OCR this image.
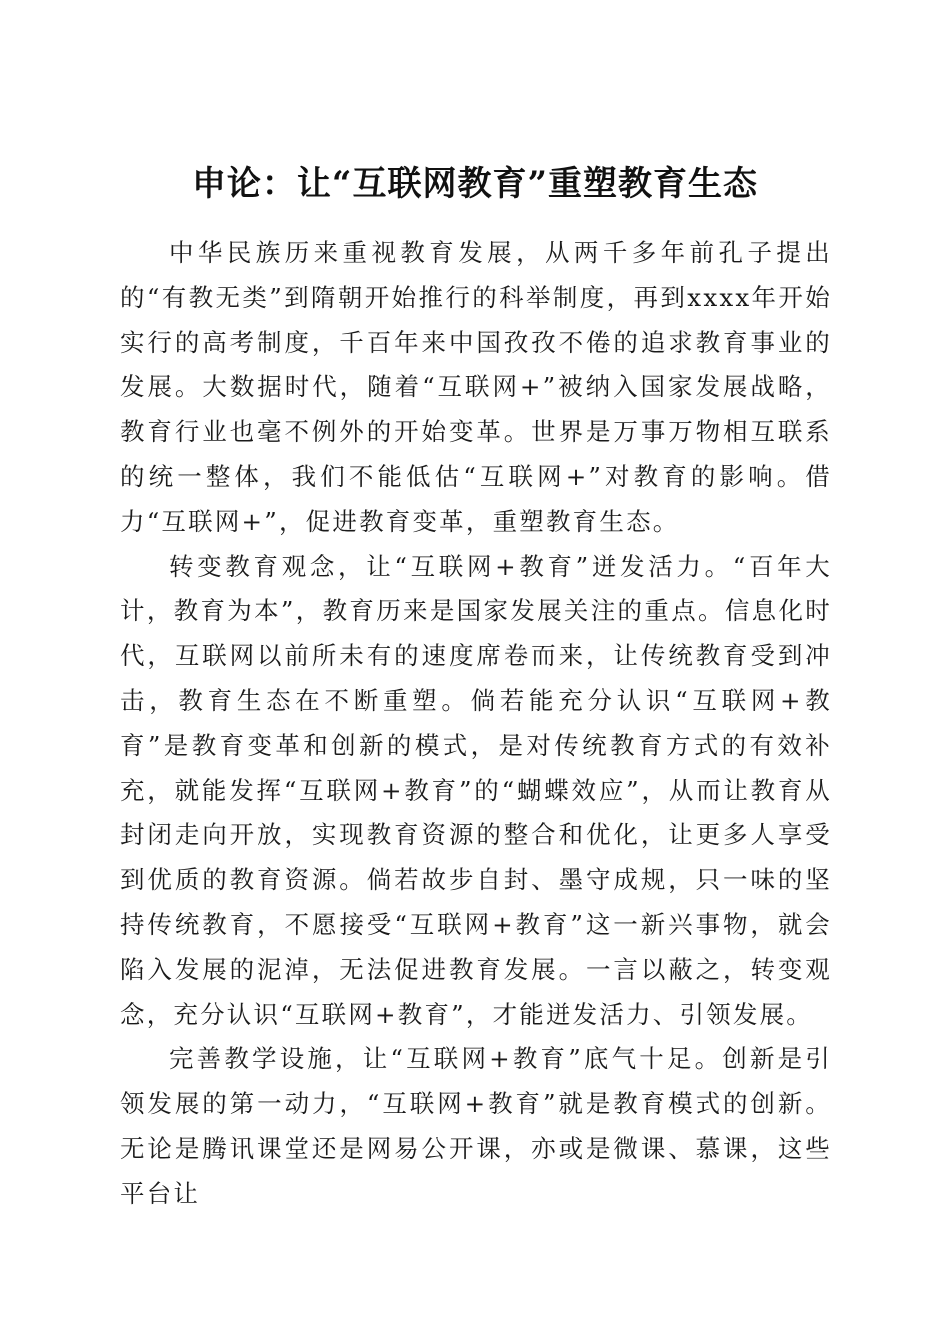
申论：让“互联网教育”重塑教育生态

中华民族历来重视教育发展，从两千多年前孔子提出的“有教无类”到隋朝开始推行的科举制度，再到xxxx年开始实行的高考制度，千百年来中国孜孜不倦的追求教育事业的发展。大数据时代，随着“互联网+”被纳入国家发展战略，教育行业也毫不例外的开始变革。世界是万事万物相互联系的统一整体，我们不能低估“互联网+”对教育的影响。借力“互联网+”，促进教育变革，重塑教育生态。

转变教育观念，让“互联网+教育”迸发活力。“百年大计，教育为本”，教育历来是国家发展关注的重点。信息化时代，互联网以前所未有的速度席卷而来，让传统教育受到冲击，教育生态在不断重塑。倘若能充分认识“互联网+教育”是教育变革和创新的模式，是对传统教育方式的有效补充，就能发挥“互联网+教育”的“蝴蝶效应”，从而让教育从封闭走向开放，实现教育资源的整合和优化，让更多人享受到优质的教育资源。倘若故步自封、墨守成规，只一味的坚持传统教育，不愿接受“互联网+教育”这一新兴事物，就会陷入发展的泥淖，无法促进教育发展。一言以蔽之，转变观念，充分认识“互联网+教育”，才能迸发活力、引领发展。

完善教学设施，让“互联网+教育”底气十足。创新是引领发展的第一动力，“互联网+教育”就是教育模式的创新。无论是腾讯课堂还是网易公开课，亦或是微课、慕课，这些平台让
